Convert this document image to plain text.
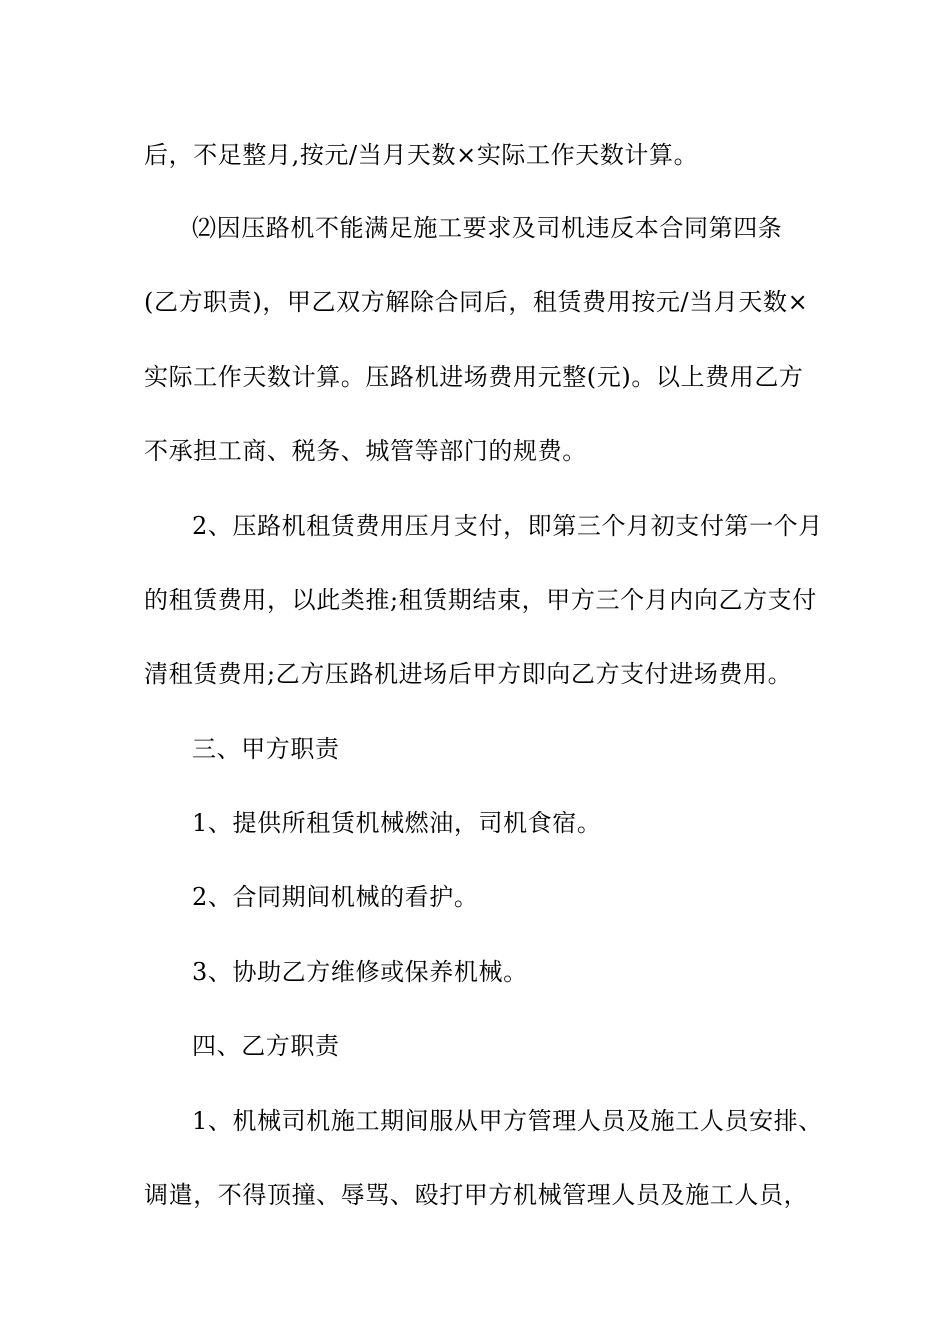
后，不足整月,按元/当月天数×实际工作天数计算。
⑵因压路机不能满足施工要求及司机违反本合同第四条
(乙方职责)，甲乙双方解除合同后，租赁费用按元/当月天数×
实际工作天数计算。压路机进场费用元整(元)。以上费用乙方
不承担工商、税务、城管等部门的规费。
2、压路机租赁费用压月支付，即第三个月初支付第一个月
的租赁费用，以此类推;租赁期结束，甲方三个月内向乙方支付
清租赁费用;乙方压路机进场后甲方即向乙方支付进场费用。
三、甲方职责
1、提供所租赁机械燃油，司机食宿。
2、合同期间机械的看护。
3、协助乙方维修或保养机械。
四、乙方职责
1、机械司机施工期间服从甲方管理人员及施工人员安排、
调遣，不得顶撞、辱骂、殴打甲方机械管理人员及施工人员，
